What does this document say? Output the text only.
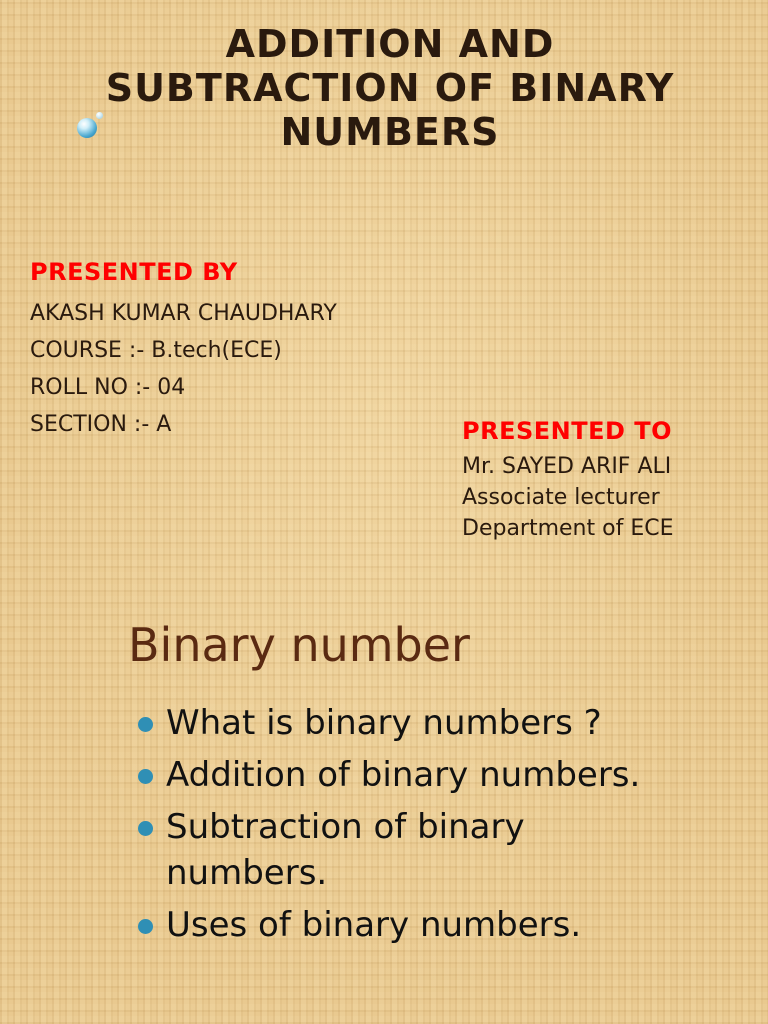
ADDITION AND
SUBTRACTION OF BINARY
NUMBERS
PRESENTED BY
AKASH KUMAR CHAUDHARY
COURSE :- B.tech(ECE)
ROLL NO :- 04
SECTION :- A	PRESENTED TO
Mr. SAYED ARIF ALI
Associate lecturer
Department of ECE
Binary number
What is binary numbers ?
Addition of binary numbers.
Subtraction of binary numbers.
Uses of binary numbers.
